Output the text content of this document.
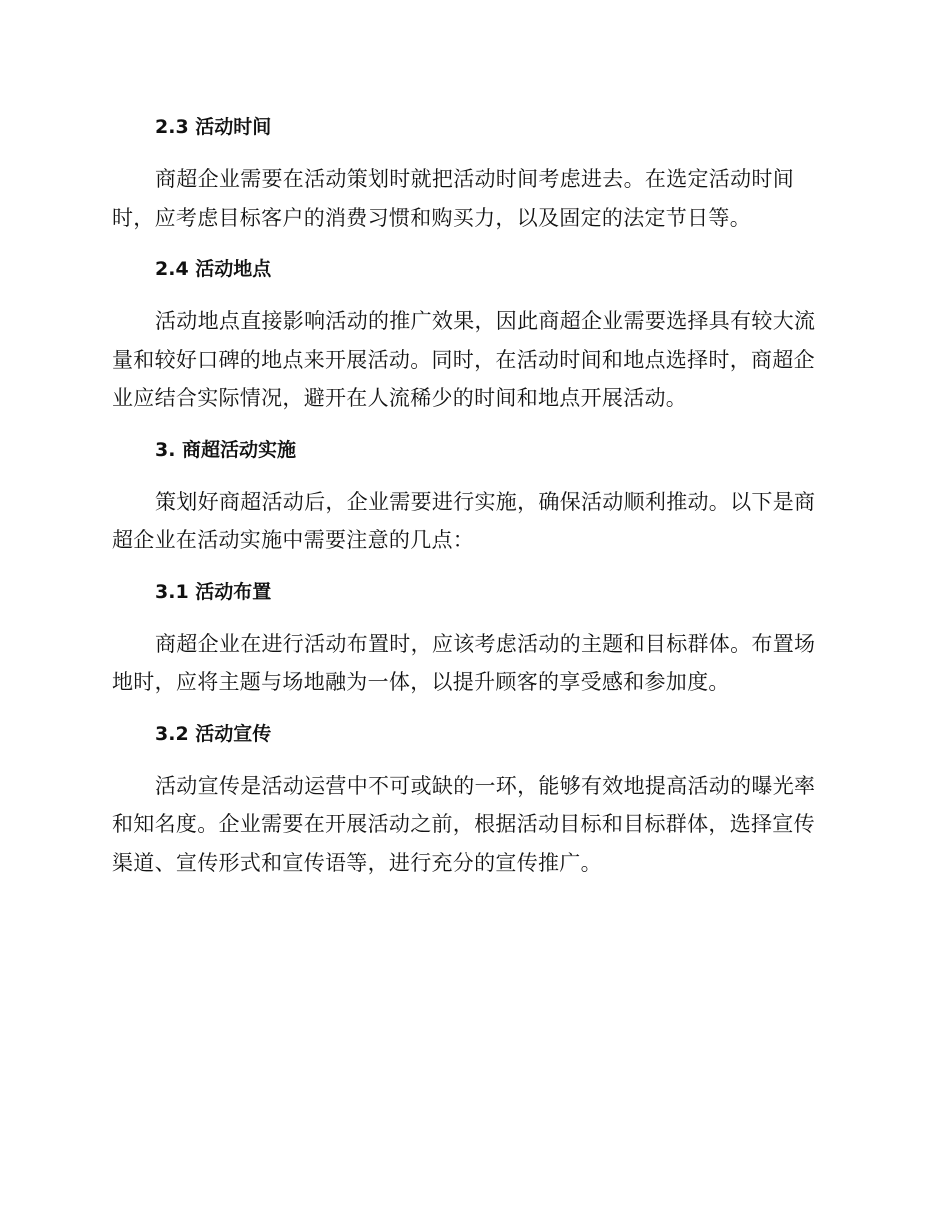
2.3 活动时间
商超企业需要在活动策划时就把活动时间考虑进去。在选定活动时间
时，应考虑目标客户的消费习惯和购买力，以及固定的法定节日等。
2.4 活动地点
活动地点直接影响活动的推广效果，因此商超企业需要选择具有较大流
量和较好口碑的地点来开展活动。同时，在活动时间和地点选择时，商超企
业应结合实际情况，避开在人流稀少的时间和地点开展活动。
3. 商超活动实施
策划好商超活动后，企业需要进行实施，确保活动顺利推动。以下是商
超企业在活动实施中需要注意的几点：
3.1 活动布置
商超企业在进行活动布置时，应该考虑活动的主题和目标群体。布置场
地时，应将主题与场地融为一体，以提升顾客的享受感和参加度。
3.2 活动宣传
活动宣传是活动运营中不可或缺的一环，能够有效地提高活动的曝光率
和知名度。企业需要在开展活动之前，根据活动目标和目标群体，选择宣传
渠道、宣传形式和宣传语等，进行充分的宣传推广。
